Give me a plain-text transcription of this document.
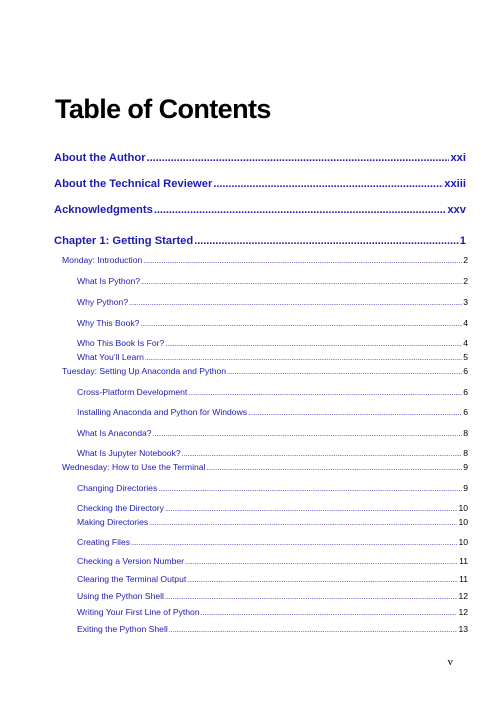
Table of Contents
About the Author .....	xxi
About the Technical Reviewer .....	xxiii
Acknowledgments .....	xxv
Chapter 1: Getting Started .....	1
Monday: Introduction .....	2
What Is Python? .....	2
Why Python? .....	3
Why This Book? .....	4
Who This Book Is For? .....	4
What You’ll Learn .....	5
Tuesday: Setting Up Anaconda and Python .....	6
Cross-Platform Development .....	6
Installing Anaconda and Python for Windows .....	6
What Is Anaconda? .....	8
What Is Jupyter Notebook? .....	8
Wednesday: How to Use the Terminal .....	9
Changing Directories .....	9
Checking the Directory .....	10
Making Directories .....	10
Creating Files .....	10
Checking a Version Number .....	11
Clearing the Terminal Output .....	11
Using the Python Shell .....	12
Writing Your First Line of Python .....	12
Exiting the Python Shell .....	13
v
